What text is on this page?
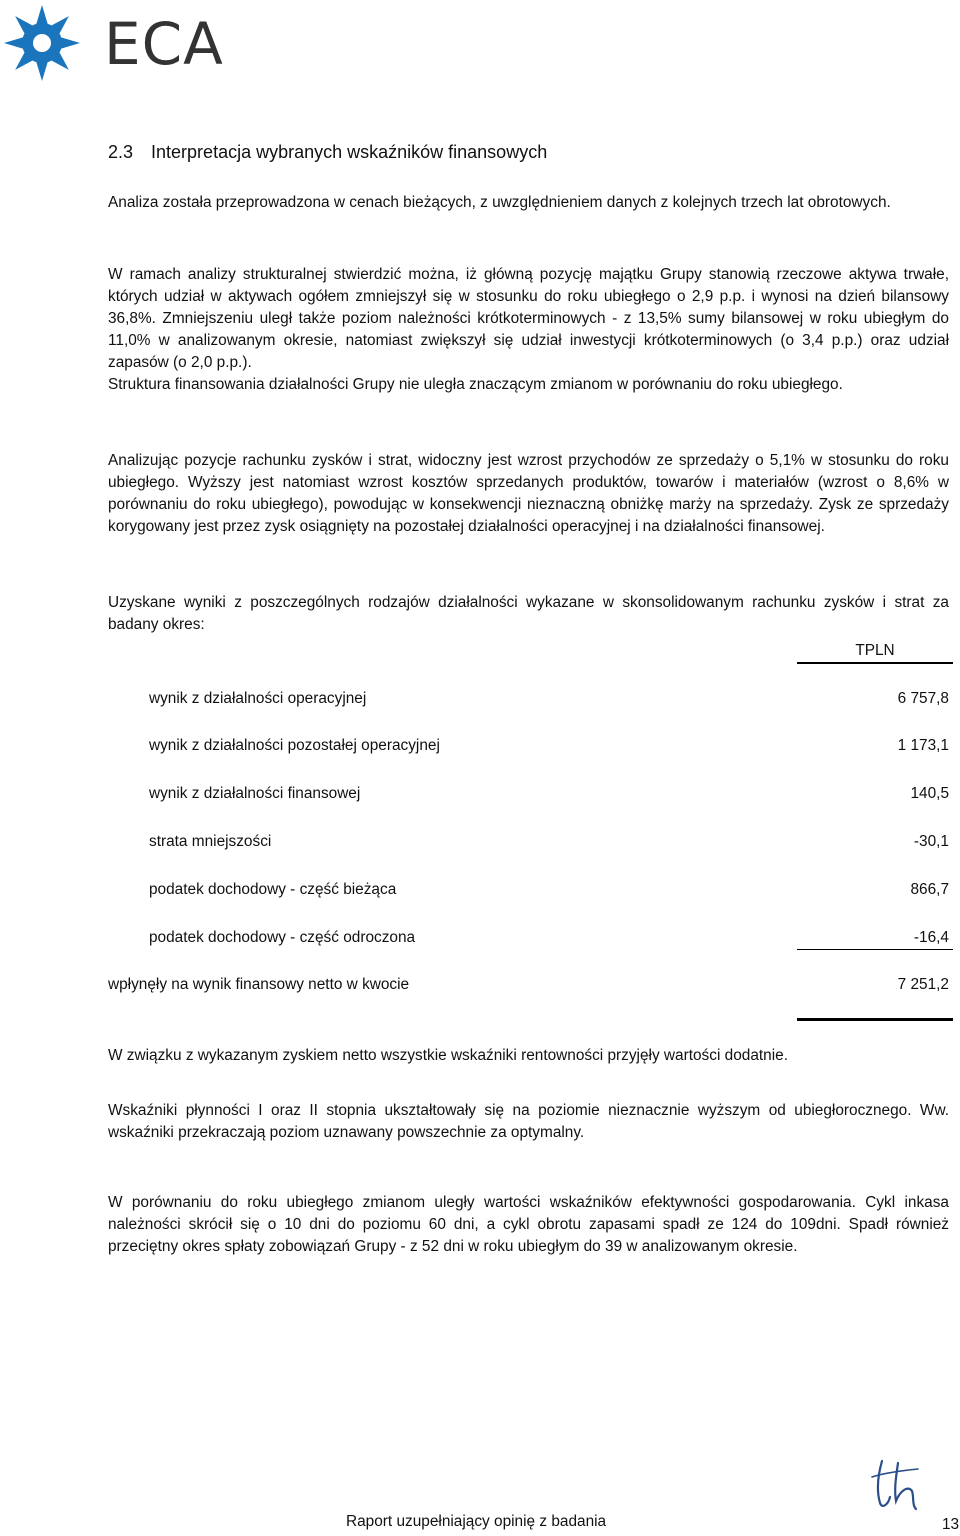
ECA
2.3 Interpretacja wybranych wskaźników finansowych

Analiza została przeprowadzona w cenach bieżących, z uwzględnieniem danych z kolejnych trzech lat obrotowych.

W ramach analizy strukturalnej stwierdzić można, iż główną pozycję majątku Grupy stanowią rzeczowe aktywa trwałe, których udział w aktywach ogółem zmniejszył się w stosunku do roku ubiegłego o 2,9 p.p. i wynosi na dzień bilansowy 36,8%. Zmniejszeniu uległ także poziom należności krótkoterminowych - z 13,5% sumy bilansowej w roku ubiegłym do 11,0% w analizowanym okresie, natomiast zwiększył się udział inwestycji krótkoterminowych (o 3,4 p.p.) oraz udział zapasów (o 2,0 p.p.).

Struktura finansowania działalności Grupy nie uległa znaczącym zmianom w porównaniu do roku ubiegłego.

Analizując pozycje rachunku zysków i strat, widoczny jest wzrost przychodów ze sprzedaży o 5,1% w stosunku do roku ubiegłego. Wyższy jest natomiast wzrost kosztów sprzedanych produktów, towarów i materiałów (wzrost o 8,6% w porównaniu do roku ubiegłego), powodując w konsekwencji nieznaczną obniżkę marży na sprzedaży. Zysk ze sprzedaży korygowany jest przez zysk osiągnięty na pozostałej działalności operacyjnej i na działalności finansowej.

Uzyskane wyniki z poszczególnych rodzajów działalności wykazane w skonsolidowanym rachunku zysków i strat za badany okres:

TPLN
wynik z działalności operacyjnej	6 757,8
wynik z działalności pozostałej operacyjnej	1 173,1
wynik z działalności finansowej	140,5
strata mniejszości	-30,1
podatek dochodowy - część bieżąca	866,7
podatek dochodowy - część odroczona	-16,4
wpłynęły na wynik finansowy netto w kwocie	7 251,2

W związku z wykazanym zyskiem netto wszystkie wskaźniki rentowności przyjęły wartości dodatnie.

Wskaźniki płynności I oraz II stopnia ukształtowały się na poziomie nieznacznie wyższym od ubiegłorocznego. Ww. wskaźniki przekraczają poziom uznawany powszechnie za optymalny.

W porównaniu do roku ubiegłego zmianom uległy wartości wskaźników efektywności gospodarowania. Cykl inkasa należności skrócił się o 10 dni do poziomu 60 dni, a cykl obrotu zapasami spadł ze 124 do 109dni. Spadł również przeciętny okres spłaty zobowiązań Grupy - z 52 dni w roku ubiegłym do 39 w analizowanym okresie.

Raport uzupełniający opinię z badania	13
